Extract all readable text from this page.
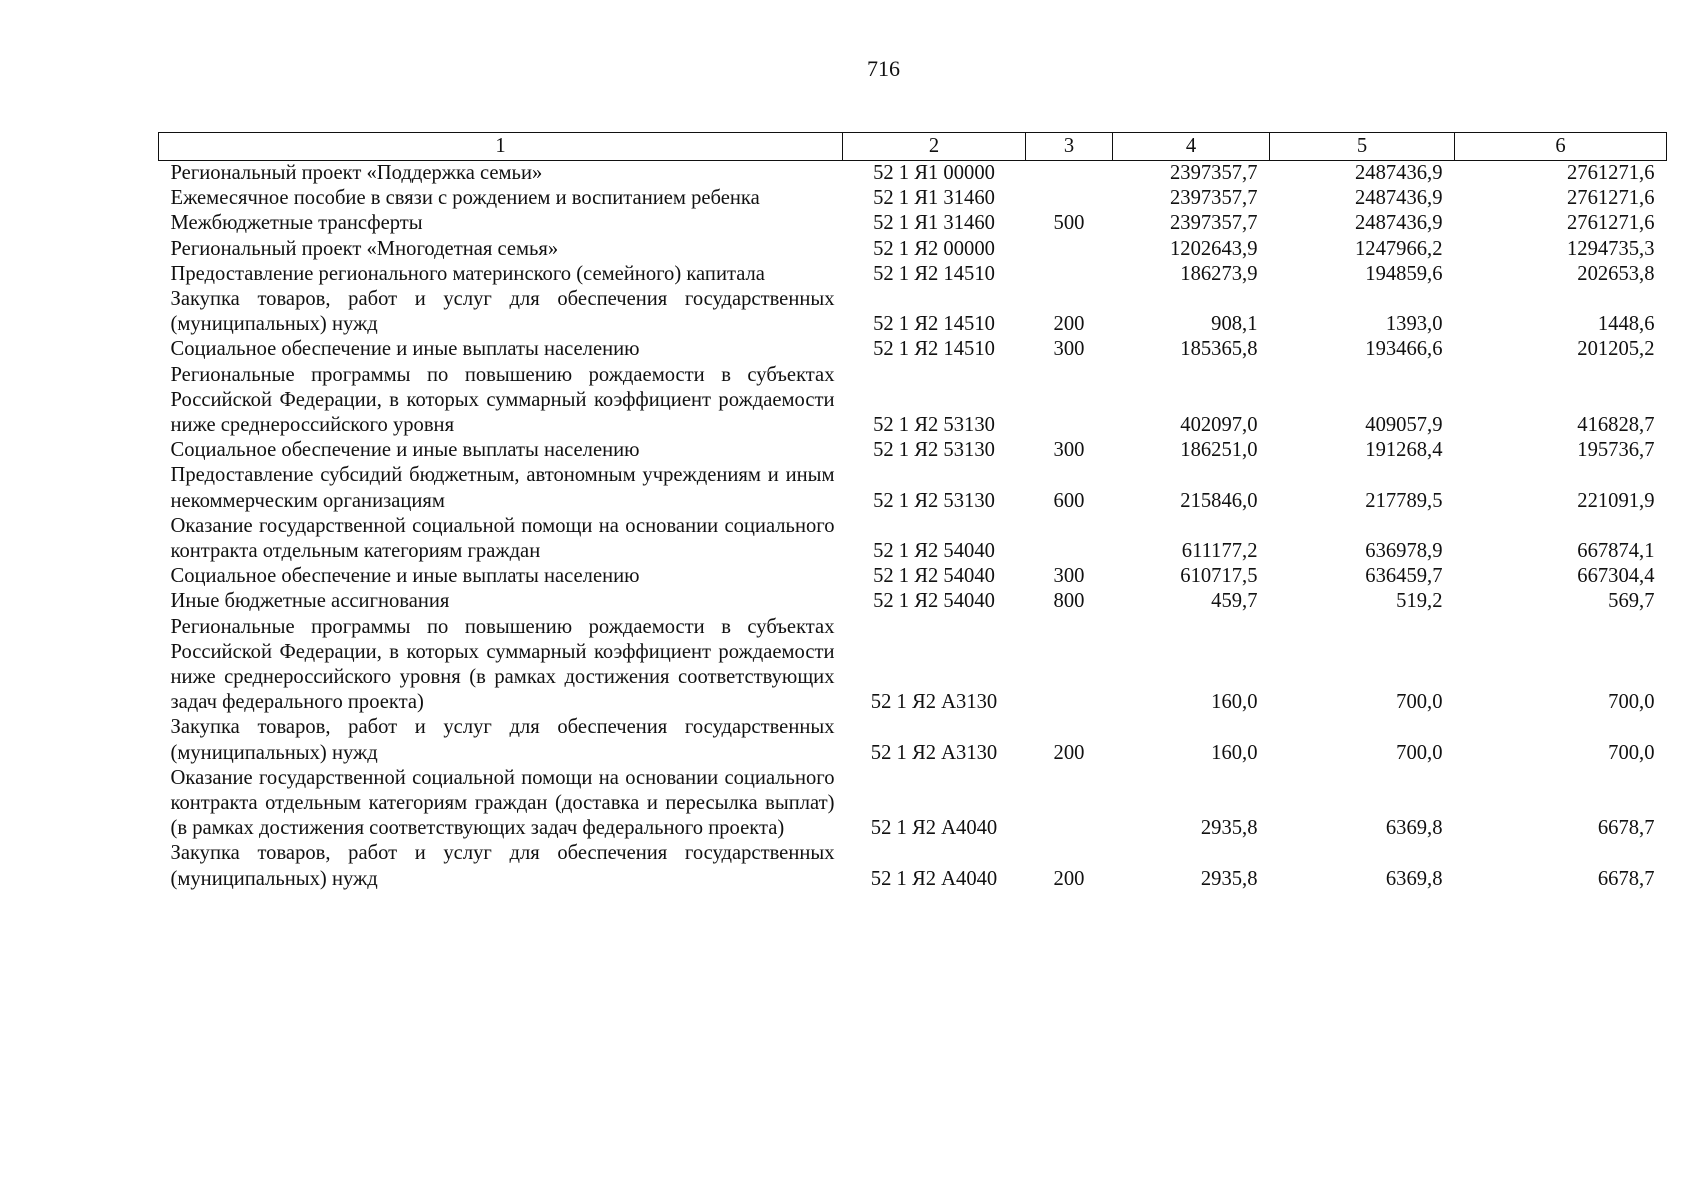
716
1	2	3	4	5	6
Региональный проект «Поддержка семьи»	52 1 Я1 00000		2397357,7	2487436,9	2761271,6
Ежемесячное пособие в связи с рождением и воспитанием ребенка	52 1 Я1 31460		2397357,7	2487436,9	2761271,6
Межбюджетные трансферты	52 1 Я1 31460	500	2397357,7	2487436,9	2761271,6
Региональный проект «Многодетная семья»	52 1 Я2 00000		1202643,9	1247966,2	1294735,3
Предоставление регионального материнского (семейного) капитала	52 1 Я2 14510		186273,9	194859,6	202653,8
Закупка товаров, работ и услуг для обеспечения государственных (муниципальных) нужд	52 1 Я2 14510	200	908,1	1393,0	1448,6
Социальное обеспечение и иные выплаты населению	52 1 Я2 14510	300	185365,8	193466,6	201205,2
Региональные программы по повышению рождаемости в субъектах Российской Федерации, в которых суммарный коэффициент рождаемости ниже среднероссийского уровня	52 1 Я2 53130		402097,0	409057,9	416828,7
Социальное обеспечение и иные выплаты населению	52 1 Я2 53130	300	186251,0	191268,4	195736,7
Предоставление субсидий бюджетным, автономным учреждениям и иным некоммерческим организациям	52 1 Я2 53130	600	215846,0	217789,5	221091,9
Оказание государственной социальной помощи на основании социального контракта отдельным категориям граждан	52 1 Я2 54040		611177,2	636978,9	667874,1
Социальное обеспечение и иные выплаты населению	52 1 Я2 54040	300	610717,5	636459,7	667304,4
Иные бюджетные ассигнования	52 1 Я2 54040	800	459,7	519,2	569,7
Региональные программы по повышению рождаемости в субъектах Российской Федерации, в которых суммарный коэффициент рождаемости ниже среднероссийского уровня (в рамках достижения соответствующих задач федерального проекта)	52 1 Я2 А3130		160,0	700,0	700,0
Закупка товаров, работ и услуг для обеспечения государственных (муниципальных) нужд	52 1 Я2 А3130	200	160,0	700,0	700,0
Оказание государственной социальной помощи на основании социального контракта отдельным категориям граждан (доставка и пересылка выплат) (в рамках достижения соответствующих задач федерального проекта)	52 1 Я2 А4040		2935,8	6369,8	6678,7
Закупка товаров, работ и услуг для обеспечения государственных (муниципальных) нужд	52 1 Я2 А4040	200	2935,8	6369,8	6678,7
